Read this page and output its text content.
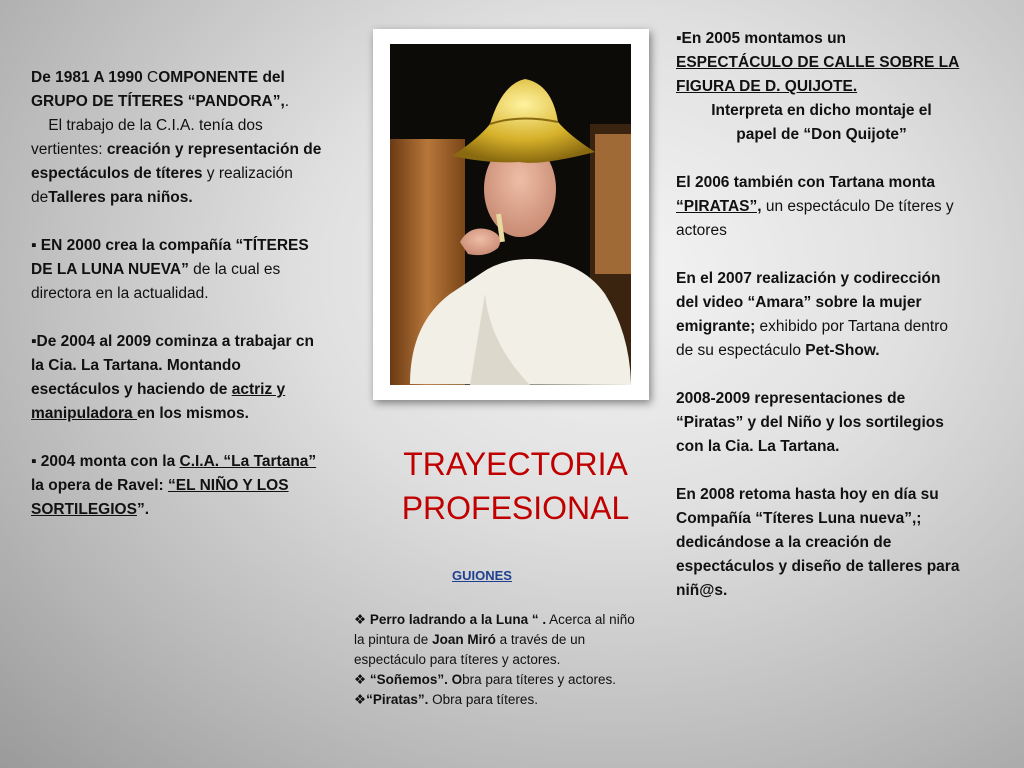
De 1981 A 1990 COMPONENTE del GRUPO DE TÍTERES “PANDORA”,.
El trabajo de la C.I.A. tenía dos vertientes: creación y representación de espectáculos de títeres y realización deTalleres para niños.

▪ EN 2000 crea la compañía “TÍTERES DE LA LUNA NUEVA” de la cual es directora en la actualidad.

▪De 2004 al 2009 cominza a trabajar cn la Cia. La Tartana. Montando esectáculos y haciendo de actriz y manipuladora en los mismos.

▪ 2004 monta con la C.I.A. “La Tartana” la opera de Ravel: “EL NIÑO Y LOS SORTILEGIOS”.

TRAYECTORIA
PROFESIONAL
GUIONES

❖ Perro ladrando a la Luna “ . Acerca al niño la pintura de Joan Miró a través de un espectáculo para títeres y actores.

❖ “Soñemos”. Obra para títeres y actores.

❖“Piratas”. Obra para títeres.

▪En 2005 montamos un ESPECTÁCULO DE CALLE SOBRE LA FIGURA DE D. QUIJOTE.

Interpreta en dicho montaje el papel de “Don Quijote”

El 2006 también con Tartana monta “PIRATAS”, un espectáculo De títeres y actores

En el 2007 realización y codirección del video “Amara” sobre la mujer emigrante; exhibido por Tartana dentro de su espectáculo Pet-Show.

2008-2009 representaciones de “Piratas” y del Niño y los sortilegios con la Cia. La Tartana.

En 2008 retoma hasta hoy en día su Compañía “Títeres Luna nueva”,; dedicándose a la creación de espectáculos y diseño de talleres para niñ@s.
